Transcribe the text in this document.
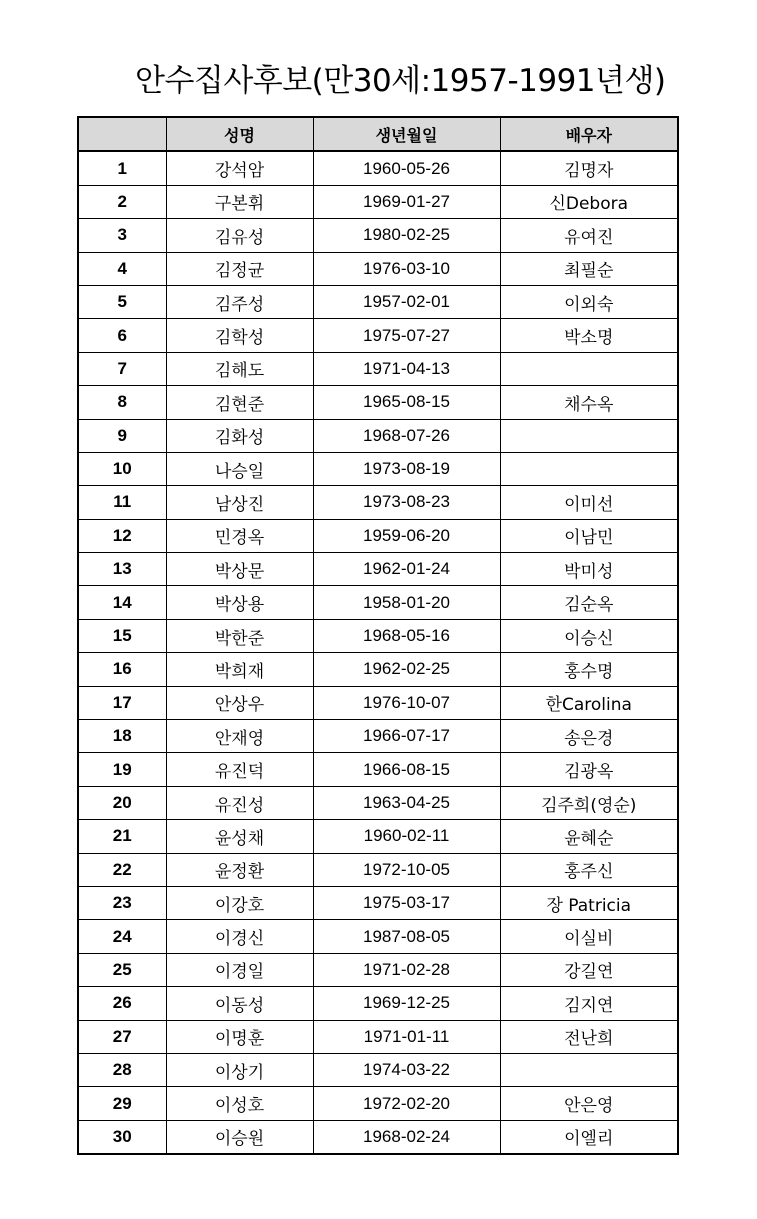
안수집사후보(만30세:1957-1991년생)
	성명	생년월일	배우자
1	강석암	1960-05-26	김명자
2	구본휘	1969-01-27	신Debora
3	김유성	1980-02-25	유여진
4	김정균	1976-03-10	최필순
5	김주성	1957-02-01	이외숙
6	김학성	1975-07-27	박소명
7	김해도	1971-04-13	
8	김현준	1965-08-15	채수옥
9	김화성	1968-07-26	
10	나승일	1973-08-19	
11	남상진	1973-08-23	이미선
12	민경옥	1959-06-20	이남민
13	박상문	1962-01-24	박미성
14	박상용	1958-01-20	김순옥
15	박한준	1968-05-16	이승신
16	박희재	1962-02-25	홍수명
17	안상우	1976-10-07	한Carolina
18	안재영	1966-07-17	송은경
19	유진덕	1966-08-15	김광옥
20	유진성	1963-04-25	김주희(영순)
21	윤성채	1960-02-11	윤혜순
22	윤정환	1972-10-05	홍주신
23	이강호	1975-03-17	장 Patricia
24	이경신	1987-08-05	이실비
25	이경일	1971-02-28	강길연
26	이동성	1969-12-25	김지연
27	이명훈	1971-01-11	전난희
28	이상기	1974-03-22	
29	이성호	1972-02-20	안은영
30	이승원	1968-02-24	이엘리
